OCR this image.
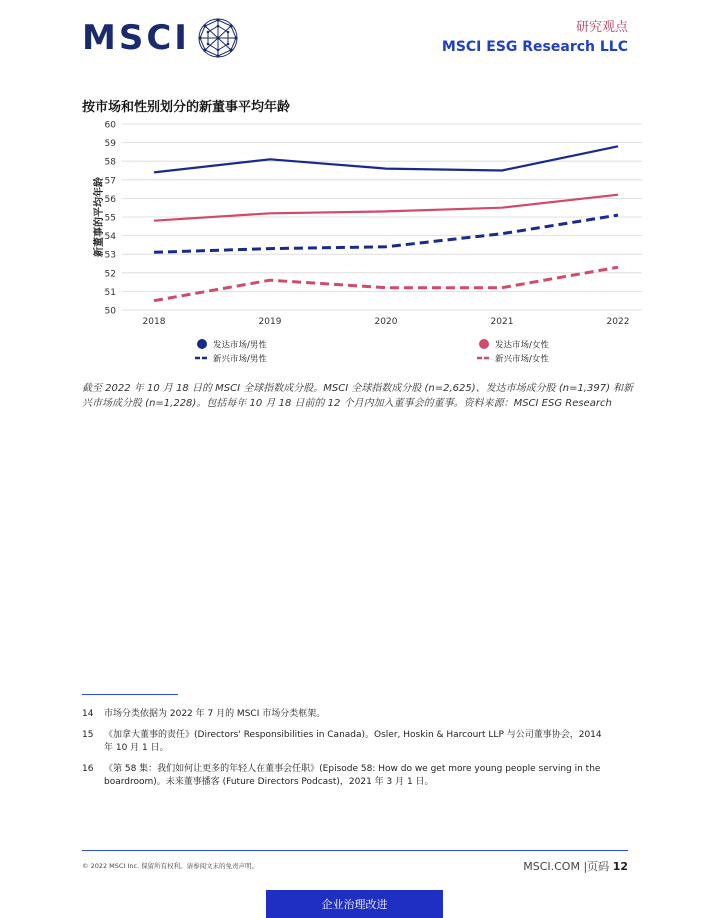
MSCI	研究观点
MSCI ESG Research LLC
按市场和性别划分的新董事平均年龄
50
51
52
53
54
55
56
57
58
59
60
2018	2019	2020	2021	2022
新董事的平均年龄
发达市场/男性	发达市场/女性
新兴市场/男性	新兴市场/女性
截至 2022 年 10 月 18 日的 MSCI 全球指数成分股。MSCI 全球指数成分股 (n=2,625)、发达市场成分股 (n=1,397) 和新兴市场成分股 (n=1,228)。包括每年 10 月 18 日前的 12 个月内加入董事会的董事。资料来源：MSCI ESG Research
14	市场分类依据为 2022 年 7 月的 MSCI 市场分类框架。
15	《加拿大董事的责任》(Directors' Responsibilities in Canada)。Osler, Hoskin & Harcourt LLP 与公司董事协会，2014 年 10 月 1 日。
16	《第 58 集：我们如何让更多的年轻人在董事会任职》(Episode 58: How do we get more young people serving in the boardroom)。未来董事播客 (Future Directors Podcast)，2021 年 3 月 1 日。
© 2022 MSCI Inc. 保留所有权利。请参阅文末的免责声明。	MSCI.COM |页码 12
企业治理改进
